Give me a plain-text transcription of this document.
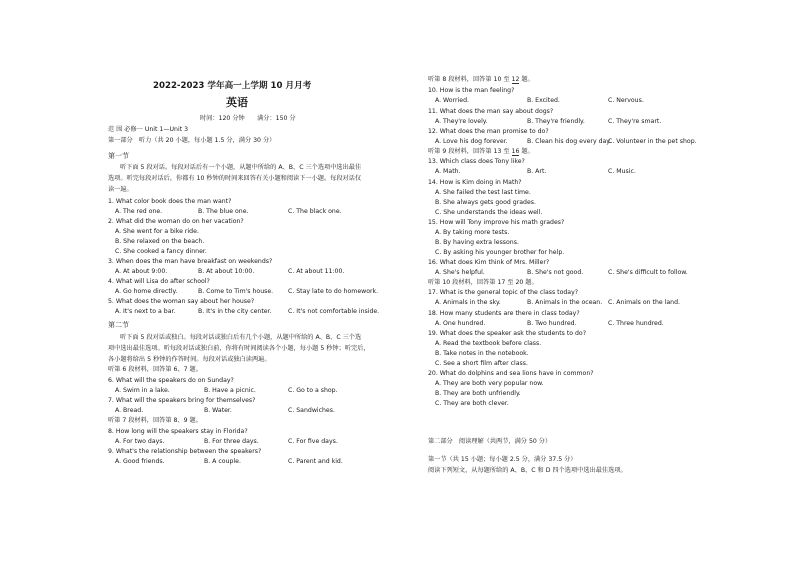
2022-2023 学年高一上学期 10 月月考
英语
时间：120 分钟　　满分：150 分
范 围 必修一 Unit 1—Unit 3
第一部分　听力（共 20 小题，每小题 1.5 分，满分 30 分）
第一节
听下面 5 段对话。每段对话后有一个小题，从题中所给的 A、B、C 三个选项中选出最佳
选项。听完每段对话后，你都有 10 秒钟的时间来回答有关小题和阅读下一小题。每段对话仅
读一遍。
1. What color book does the man want?
A. The red one.	B. The blue one.	C. The black one.
2. What did the woman do on her vacation?
A. She went for a bike ride.
B. She relaxed on the beach.
C. She cooked a fancy dinner.
3. When does the man have breakfast on weekends?
A. At about 9:00.	B. At about 10:00.	C. At about 11:00.
4. What will Lisa do after school?
A. Go home directly.	B. Come to Tim's house. C. Stay late to do homework.
5. What does the woman say about her house?
A. It's next to a bar.	B. It's in the city center.	C. It's not comfortable inside.
第二节
听下面 5 段对话或独白。每段对话或独白后有几个小题，从题中所给的 A、B、C 三个选
项中选出最佳选项。听每段对话或独白前，你将有时间阅读各个小题，每小题 5 秒钟；听完后，
各小题将给出 5 秒钟的作答时间。每段对话或独白读两遍。
听第 6 段材料，回答第 6、7 题。
6. What will the speakers do on Sunday?
A. Swim in a lake.	B. Have a picnic.	C. Go to a shop.
7. What will the speakers bring for themselves?
A. Bread.	B. Water.	C. Sandwiches.
听第 7 段材料，回答第 8、9 题。
8. How long will the speakers stay in Florida?
A. For two days.	B. For three days.	C. For five days.
9. What's the relationship between the speakers?
A. Good friends.	B. A couple.	C. Parent and kid.
听第 8 段材料，回答第 10 至 12 题。
10. How is the man feeling?
A. Worried.	B. Excited.	C. Nervous.
11. What does the man say about dogs?
A. They're lovely.	B. They're friendly.	C. They're smart.
12. What does the man promise to do?
A. Love his dog forever.	B. Clean his dog every day.
C. Volunteer in the pet shop.
听第 9 段材料，回答第 13 至 16 题。
13. Which class does Tony like?
A. Math.	B. Art.	C. Music.
14. How is Kim doing in Math?
A. She failed the test last time.
B. She always gets good grades.
C. She understands the ideas well.
15. How will Tony improve his math grades?
A. By taking more tests.
B. By having extra lessons.
C. By asking his younger brother for help.
16. What does Kim think of Mrs. Miller?
A. She's helpful.	B. She's not good.	C. She's difficult to follow.
听第 10 段材料，回答第 17 至 20 题。
17. What is the general topic of the class today?
A. Animals in the sky.	B. Animals in the ocean. C. Animals on the land.
18. How many students are there in class today?
A. One hundred.	B. Two hundred.	C. Three hundred.
19. What does the speaker ask the students to do?
A. Read the textbook before class.
B. Take notes in the notebook.
C. See a short film after class.
20. What do dolphins and sea lions have in common?
A. They are both very popular now.
B. They are both unfriendly.
C. They are both clever.
第二部分　阅读理解（共两节，满分 50 分）
第一节（共 15 小题；每小题 2.5 分，满分 37.5 分）
阅读下列短文，从每题所给的 A、B、C 和 D 四个选项中选出最佳选项。
